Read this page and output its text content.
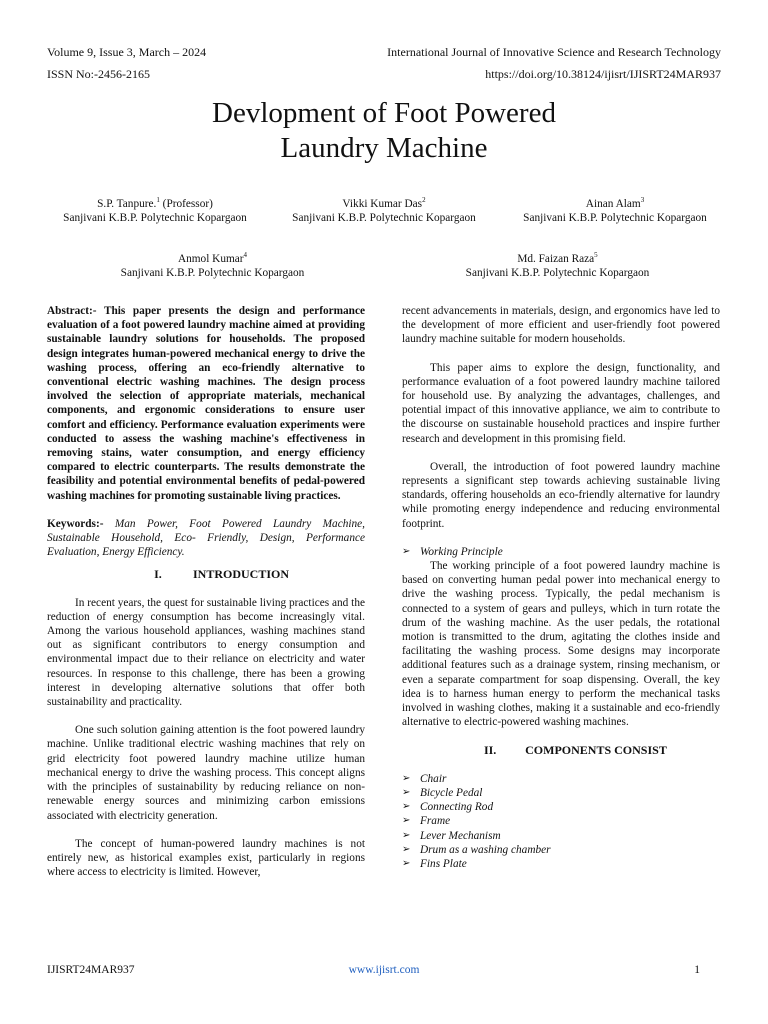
Volume 9, Issue 3, March – 2024	International Journal of Innovative Science and Research Technology
ISSN No:-2456-2165	https://doi.org/10.38124/ijisrt/IJISRT24MAR937
Devlopment of Foot Powered
Laundry Machine
S.P. Tanpure.$^1$ (Professor)
Sanjivani K.B.P. Polytechnic Kopargaon
Vikki Kumar Das$^2$
Sanjivani K.B.P. Polytechnic Kopargaon
Ainan Alam$^3$
Sanjivani K.B.P. Polytechnic Kopargaon
Anmol Kumar$^4$
Sanjivani K.B.P. Polytechnic Kopargaon
Md. Faizan Raza$^5$
Sanjivani K.B.P. Polytechnic Kopargaon

Abstract:- This paper presents the design and performance evaluation of a foot powered laundry machine aimed at providing sustainable laundry solutions for households. The proposed design integrates human-powered mechanical energy to drive the washing process, offering an eco-friendly alternative to conventional electric washing machines. The design process involved the selection of appropriate materials, mechanical components, and ergonomic considerations to ensure user comfort and efficiency. Performance evaluation experiments were conducted to assess the washing machine's effectiveness in removing stains, water consumption, and energy efficiency compared to electric counterparts. The results demonstrate the feasibility and potential environmental benefits of pedal-powered washing machines for promoting sustainable living practices.

Keywords:- Man Power, Foot Powered Laundry Machine, Sustainable Household, Eco- Friendly, Design, Performance Evaluation, Energy Efficiency.

I.	INTRODUCTION

In recent years, the quest for sustainable living practices and the reduction of energy consumption has become increasingly vital. Among the various household appliances, washing machines stand out as significant contributors to energy consumption and environmental impact due to their reliance on electricity and water resources. In response to this challenge, there has been a growing interest in developing alternative solutions that offer both sustainability and practicality.

One such solution gaining attention is the foot powered laundry machine. Unlike traditional electric washing machines that rely on grid electricity foot powered laundry machine utilize human mechanical energy to drive the washing process. This concept aligns with the principles of sustainability by reducing reliance on non-renewable energy sources and minimizing carbon emissions associated with electricity generation.

The concept of human-powered laundry machines is not entirely new, as historical examples exist, particularly in regions where access to electricity is limited. However,

recent advancements in materials, design, and ergonomics have led to the development of more efficient and user-friendly foot powered laundry machine suitable for modern households.

This paper aims to explore the design, functionality, and performance evaluation of a foot powered laundry machine tailored for household use. By analyzing the advantages, challenges, and potential impact of this innovative appliance, we aim to contribute to the discourse on sustainable household practices and inspire further research and development in this promising field.

Overall, the introduction of foot powered laundry machine represents a significant step towards achieving sustainable living standards, offering households an eco-friendly alternative for laundry while promoting energy independence and reducing environmental footprint.

➢ Working Principle

The working principle of a foot powered laundry machine is based on converting human pedal power into mechanical energy to drive the washing process. Typically, the pedal mechanism is connected to a system of gears and pulleys, which in turn rotate the drum of the washing machine. As the user pedals, the rotational motion is transmitted to the drum, agitating the clothes inside and facilitating the washing process. Some designs may incorporate additional features such as a drainage system, rinsing mechanism, or even a separate compartment for soap dispensing. Overall, the key idea is to harness human energy to perform the mechanical tasks involved in washing clothes, making it a sustainable and eco-friendly alternative to electric-powered washing machines.

II. COMPONENTS CONSIST
➢ Chair
➢ Bicycle Pedal
➢ Connecting Rod
➢ Frame
➢ Lever Mechanism
➢ Drum as a washing chamber
➢ Fins Plate
IJISRT24MAR937	www.ijisrt.com	1
